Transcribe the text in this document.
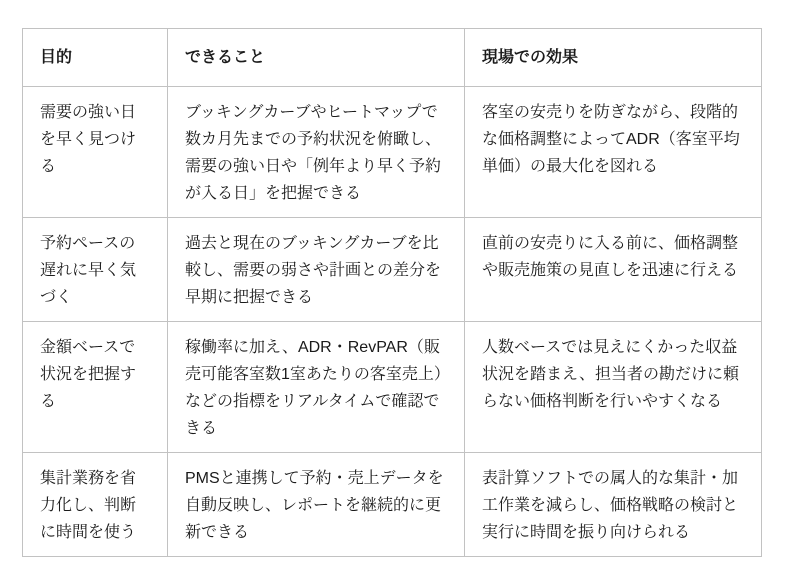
目的	できること	現場での効果
需要の強い日を早く見つける	ブッキングカーブやヒートマップで数カ月先までの予約状況を俯瞰し、需要の強い日や「例年より早く予約が入る日」を把握できる	客室の安売りを防ぎながら、段階的な価格調整によってADR（客室平均単価）の最大化を図れる
予約ペースの遅れに早く気づく	過去と現在のブッキングカーブを比較し、需要の弱さや計画との差分を早期に把握できる	直前の安売りに入る前に、価格調整や販売施策の見直しを迅速に行える
金額ベースで状況を把握する	稼働率に加え、ADR・RevPAR（販売可能客室数1室あたりの客室売上）などの指標をリアルタイムで確認できる	人数ベースでは見えにくかった収益状況を踏まえ、担当者の勘だけに頼らない価格判断を行いやすくなる
集計業務を省力化し、判断に時間を使う	PMSと連携して予約・売上データを自動反映し、レポートを継続的に更新できる	表計算ソフトでの属人的な集計・加工作業を減らし、価格戦略の検討と実行に時間を振り向けられる
